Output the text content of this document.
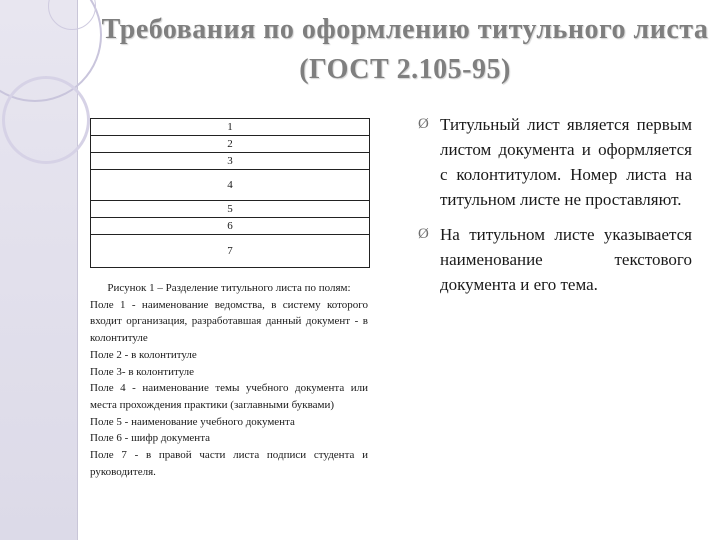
Требования по оформлению титульного листа (ГОСТ 2.105-95)
1
2
3
4
5
6
7
Рисунок 1 – Разделение титульного листа по полям:
Поле 1 - наименование ведомства, в систему которого входит организация, разработавшая данный документ - в колонтитуле
Поле 2 - в колонтитуле
Поле 3- в колонтитуле
Поле 4 - наименование темы учебного документа или места прохождения практики (заглавными буквами)
Поле 5 - наименование учебного документа
Поле 6 - шифр документа
Поле 7 - в правой части листа подписи студента и руководителя.
Ø Титульный лист является первым листом документа и оформляется с колонтитулом. Номер листа на титульном листе не проставляют.
Ø На титульном листе указывается наименование текстового документа и его тема.
